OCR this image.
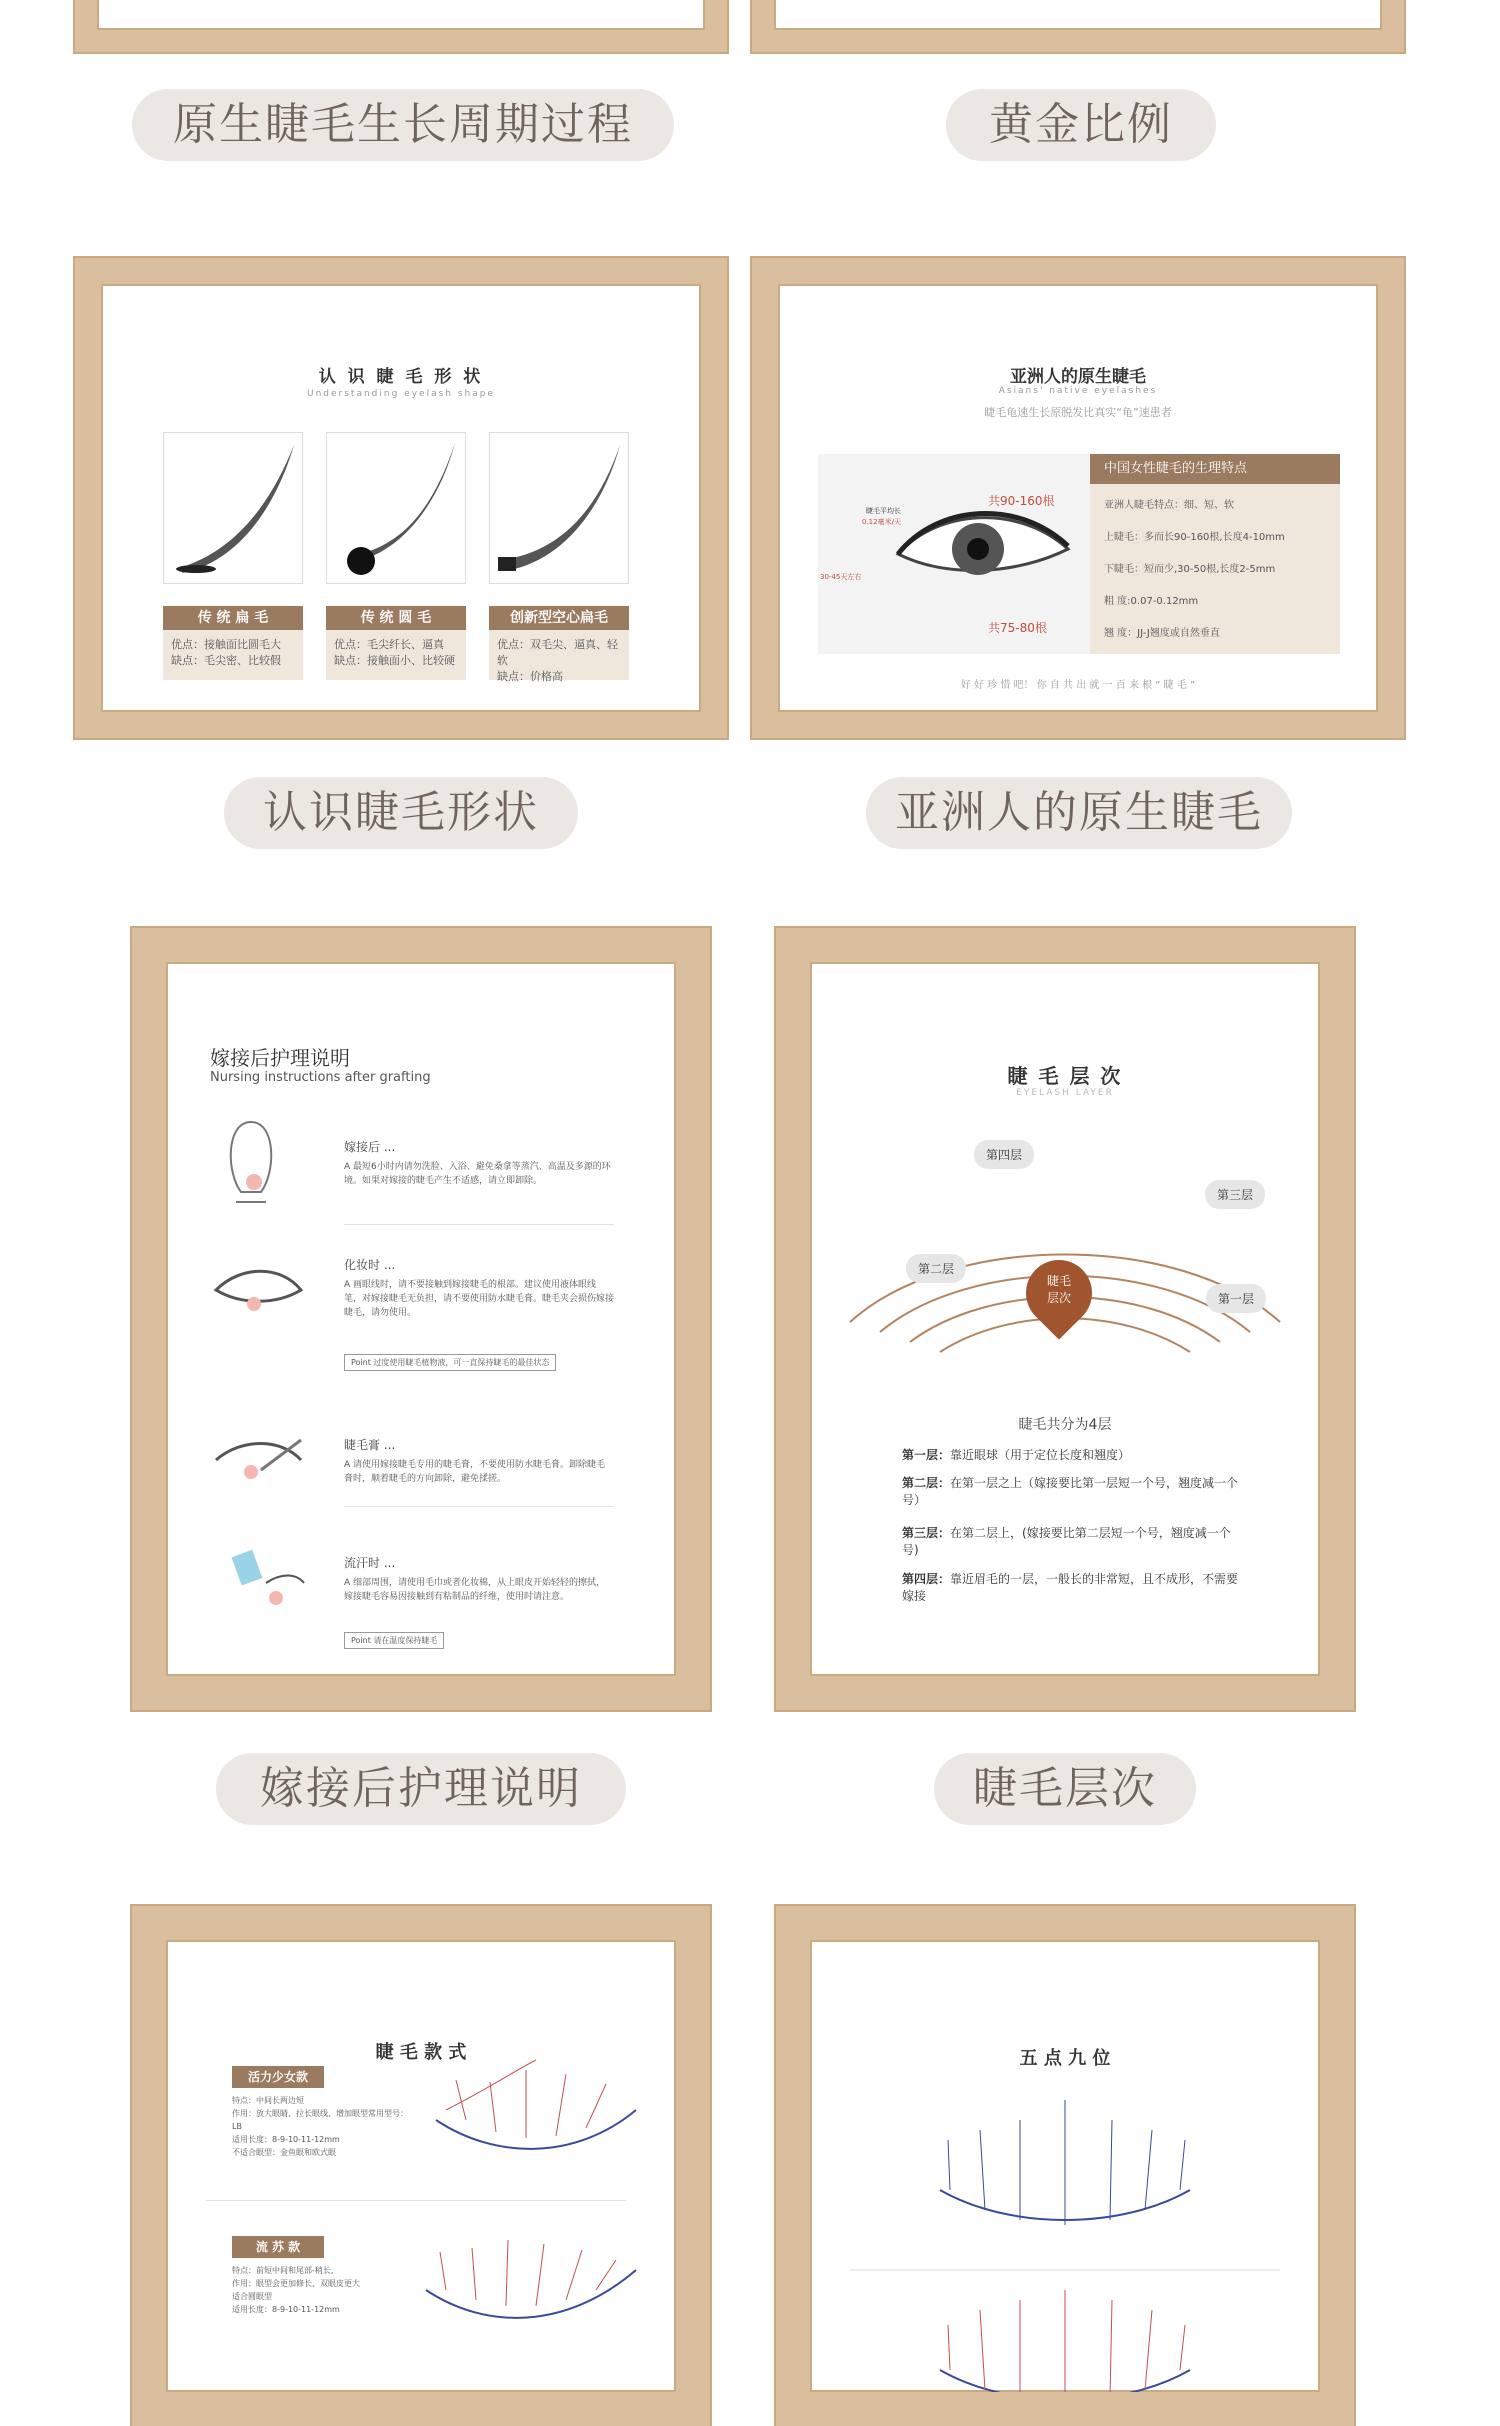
原生睫毛生长周期过程	黄金比例
认 识 睫 毛 形 状
Understanding eyelash shape
传 统 扁 毛
优点：接触面比圆毛大
缺点：毛尖密、比较假
传 统 圆 毛
优点：毛尖纤长、逼真
缺点：接触面小、比较硬
创新型空心扁毛
优点：双毛尖、逼真、轻软
缺点：价格高
认识睫毛形状
亚洲人的原生睫毛
Asians' native eyelashes
睫毛龟速生长原脱发比真实“龟”速患者
共90-160根
共75-80根
睫毛平均长
0.12毫米/天
30-45天左右
中国女性睫毛的生理特点
亚洲人睫毛特点：细、短、软
上睫毛：多而长90-160根,长度4-10mm
下睫毛：短而少,30-50根,长度2-5mm
粗 度:0.07-0.12mm
翘 度：JJ-J翘度或自然垂直
好 好 珍 惜 吧！ 你 自 共 出 就 一 百 来 根 “ 睫 毛 ”
亚洲人的原生睫毛
嫁接后护理说明
Nursing instructions after grafting
嫁接后 ...
A 最短6小时内请勿洗脸、入浴、避免桑拿等蒸汽、高温及多源的环境。如果对嫁接的睫毛产生不适感，请立即卸除。
化妆时 ...
A 画眼线时，请不要接触到嫁接睫毛的根部。建议使用液体眼线笔，对嫁接睫毛无负担，请不要使用防水睫毛膏。睫毛夹会损伤嫁接睫毛，请勿使用。
Point 过度使用睫毛植物液，可一直保持睫毛的最佳状态
睫毛膏 ...
A 请使用嫁接睫毛专用的睫毛膏，不要使用防水睫毛膏。卸除睫毛膏时，顺着睫毛的方向卸除，避免揉搓。
流汗时 ...
A 细部周围，请使用毛巾或者化妆棉，从上眼皮开始轻轻的擦拭，嫁接睫毛容易因接触到有粘制品的纤维，使用时请注意。
Point 请在温度保持睫毛
嫁接后护理说明
睫 毛 层 次
EYELASH LAYER
第四层
第三层
第二层
第一层
睫毛
层次
睫毛共分为4层
第一层：靠近眼球（用于定位长度和翘度）
第二层：在第一层之上（嫁接要比第一层短一个号，翘度减一个号）
第三层：在第二层上，(嫁接要比第二层短一个号，翘度减一个号)
第四层：靠近眉毛的一层，一般长的非常短，且不成形，不需要嫁接
睫毛层次
睫 毛 款 式
活力少女款
特点：中间长两边短
作用：放大眼睛、拉长眼线、增加眼型常用型号：LB
适用长度：8-9-10-11-12mm
不适合眼型：金鱼眼和欧式眼
流 苏 款
特点：前短中间和尾部-稍长,
作用：眼型会更加修长、双眼皮更大
适合圆眼型
适用长度：8-9-10-11-12mm
五 点 九 位
